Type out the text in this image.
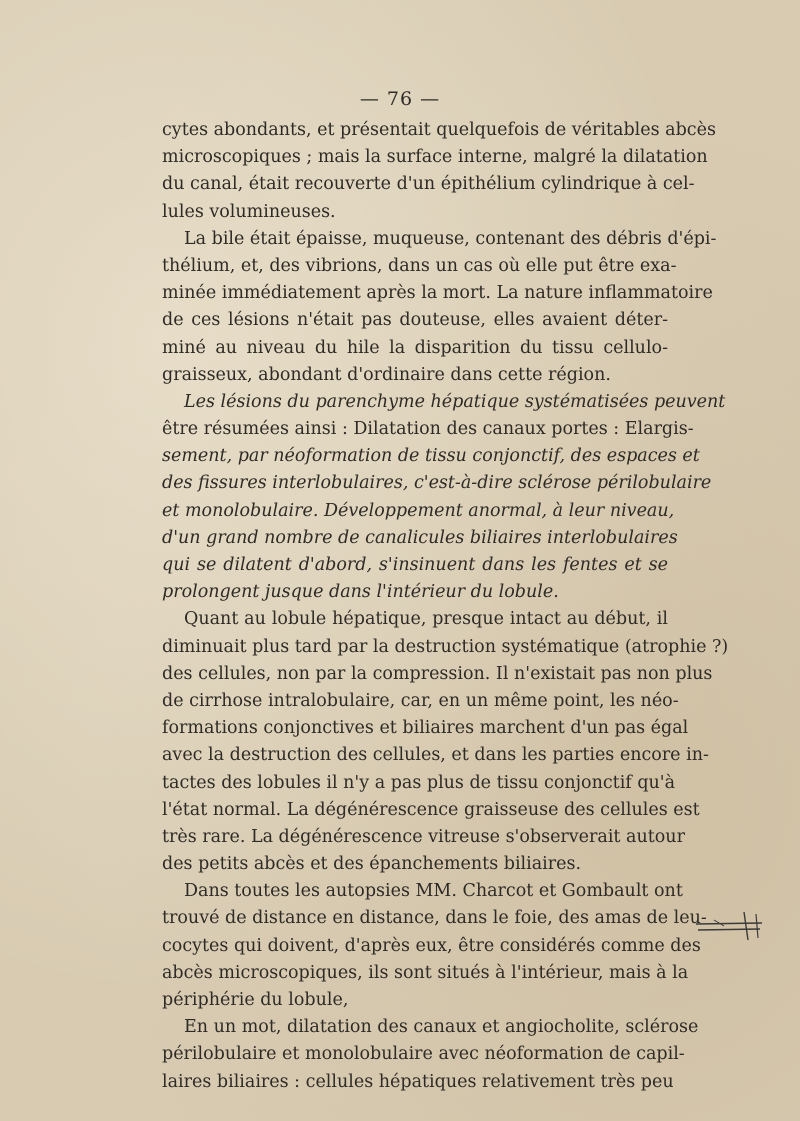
— 76 —
cytes abondants, et présentait quelquefois de véritables abcès
microscopiques ; mais la surface interne, malgré la dilatation
du canal, était recouverte d'un épithélium cylindrique à cel-
lules volumineuses.
La bile était épaisse, muqueuse, contenant des débris d'épi-
thélium, et, des vibrions, dans un cas où elle put être exa-
minée immédiatement après la mort. La nature inflammatoire
de ces lésions n'était pas douteuse, elles avaient déter-
miné au niveau du hile la disparition du tissu cellulo-
graisseux, abondant d'ordinaire dans cette région.
Les lésions du parenchyme hépatique systématisées peuvent
être résumées ainsi : Dilatation des canaux portes : Elargis-
sement, par néoformation de tissu conjonctif, des espaces et
des fissures interlobulaires, c'est-à-dire sclérose périlobulaire
et monolobulaire. Développement anormal, à leur niveau,
d'un grand nombre de canalicules biliaires interlobulaires
qui se dilatent d'abord, s'insinuent dans les fentes et se
prolongent jusque dans l'intérieur du lobule.
Quant au lobule hépatique, presque intact au début, il
diminuait plus tard par la destruction systématique (atrophie ?)
des cellules, non par la compression. Il n'existait pas non plus
de cirrhose intralobulaire, car, en un même point, les néo-
formations conjonctives et biliaires marchent d'un pas égal
avec la destruction des cellules, et dans les parties encore in-
tactes des lobules il n'y a pas plus de tissu conjonctif qu'à
l'état normal. La dégénérescence graisseuse des cellules est
très rare. La dégénérescence vitreuse s'observerait autour
des petits abcès et des épanchements biliaires.
Dans toutes les autopsies MM. Charcot et Gombault ont
trouvé de distance en distance, dans le foie, des amas de leu-
cocytes qui doivent, d'après eux, être considérés comme des
abcès microscopiques, ils sont situés à l'intérieur, mais à la
périphérie du lobule,
En un mot, dilatation des canaux et angiocholite, sclérose
périlobulaire et monolobulaire avec néoformation de capil-
laires biliaires : cellules hépatiques relativement très peu
